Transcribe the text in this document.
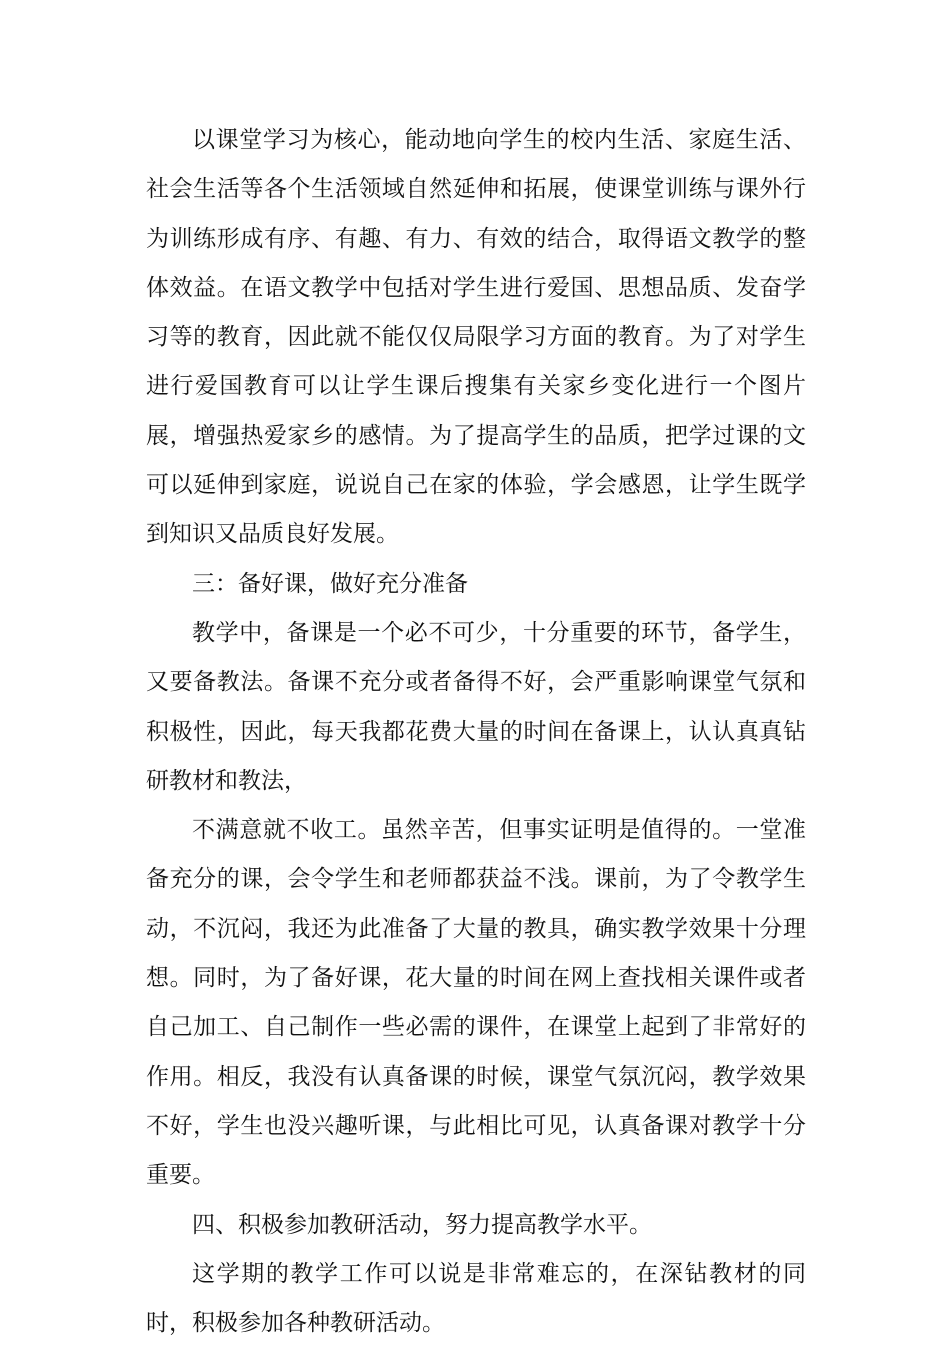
以课堂学习为核心，能动地向学生的校内生活、家庭生活、社会生活等各个生活领域自然延伸和拓展，使课堂训练与课外行为训练形成有序、有趣、有力、有效的结合，取得语文教学的整体效益。在语文教学中包括对学生进行爱国、思想品质、发奋学习等的教育，因此就不能仅仅局限学习方面的教育。为了对学生进行爱国教育可以让学生课后搜集有关家乡变化进行一个图片展，增强热爱家乡的感情。为了提高学生的品质，把学过课的文可以延伸到家庭，说说自己在家的体验，学会感恩，让学生既学到知识又品质良好发展。

三：备好课，做好充分准备

教学中，备课是一个必不可少，十分重要的环节，备学生，又要备教法。备课不充分或者备得不好，会严重影响课堂气氛和积极性，因此，每天我都花费大量的时间在备课上，认认真真钻研教材和教法，

不满意就不收工。虽然辛苦，但事实证明是值得的。一堂准备充分的课，会令学生和老师都获益不浅。课前，为了令教学生动，不沉闷，我还为此准备了大量的教具，确实教学效果十分理想。同时，为了备好课，花大量的时间在网上查找相关课件或者自己加工、自己制作一些必需的课件，在课堂上起到了非常好的作用。相反，我没有认真备课的时候，课堂气氛沉闷，教学效果不好，学生也没兴趣听课，与此相比可见，认真备课对教学十分重要。

四、积极参加教研活动，努力提高教学水平。

这学期的教学工作可以说是非常难忘的，在深钻教材的同时，积极参加各种教研活动。
